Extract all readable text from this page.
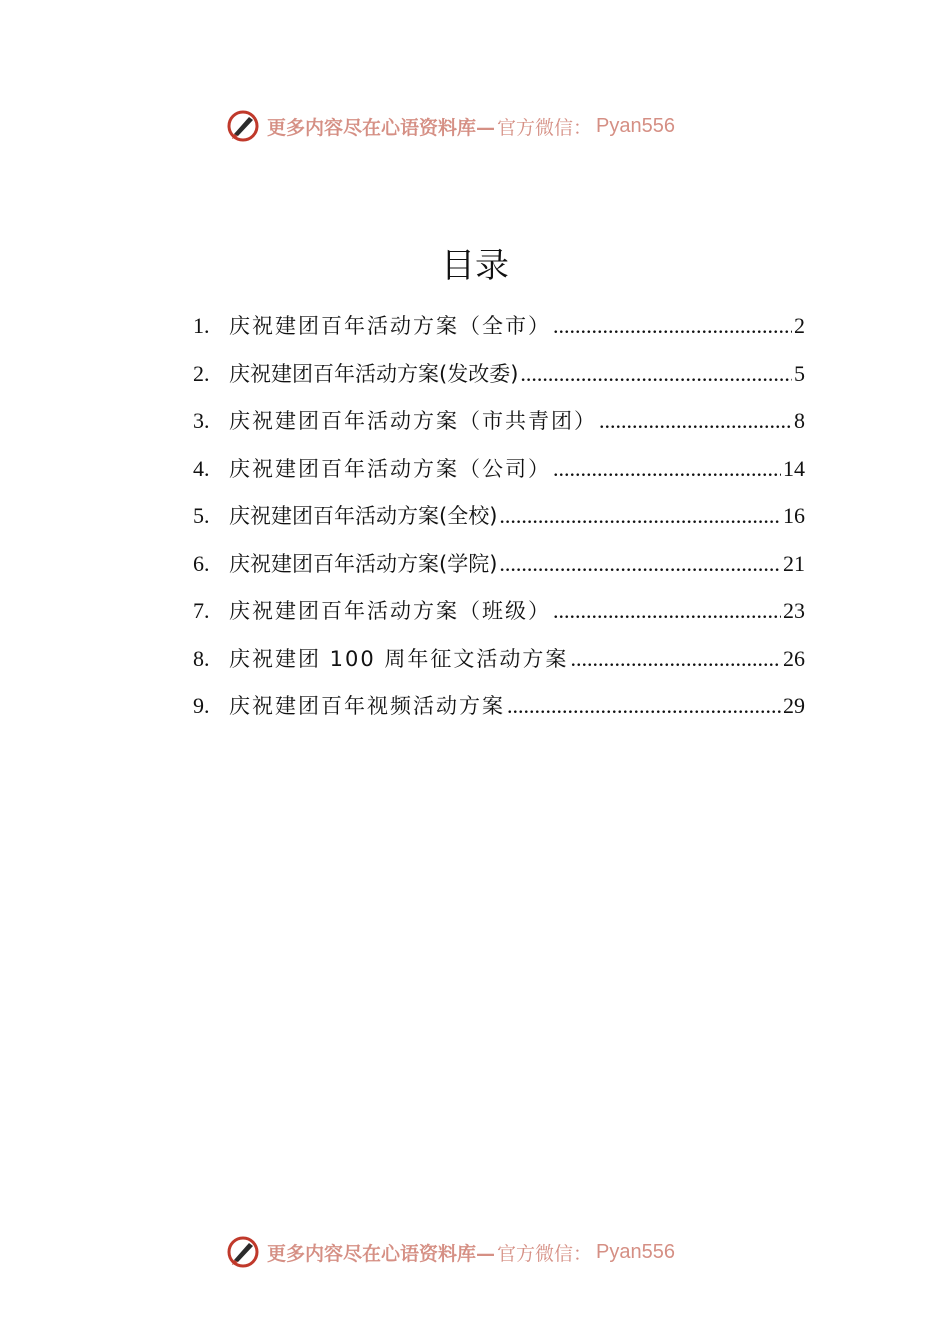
更多内容尽在心语资料库— 官方微信： Pyan556
目录
1. 庆祝建团百年活动方案（全市） .....	2
2. 庆祝建团百年活动方案(发改委) .....	5
3. 庆祝建团百年活动方案（市共青团） .....	8
4. 庆祝建团百年活动方案（公司） .....	14
5. 庆祝建团百年活动方案(全校) .....	16
6. 庆祝建团百年活动方案(学院) .....	21
7. 庆祝建团百年活动方案（班级） .....	23
8. 庆祝建团 100 周年征文活动方案 .....	26
9. 庆祝建团百年视频活动方案 .....	29
更多内容尽在心语资料库— 官方微信： Pyan556
